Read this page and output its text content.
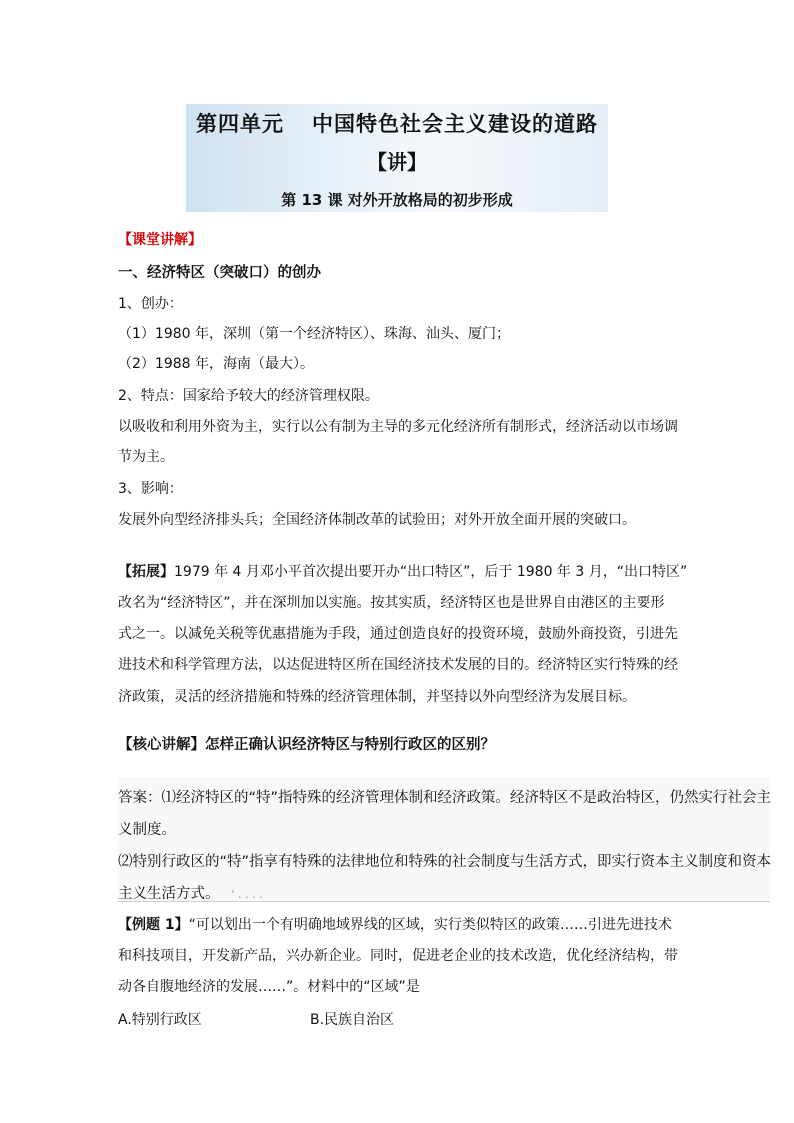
第四单元 中国特色社会主义建设的道路
【讲】
第 13 课 对外开放格局的初步形成
【课堂讲解】
一、经济特区（突破口）的创办
1、创办：
（1）1980 年，深圳（第一个经济特区）、珠海、汕头、厦门；
（2）1988 年，海南（最大）。
2、特点：国家给予较大的经济管理权限。
以吸收和利用外资为主，实行以公有制为主导的多元化经济所有制形式，经济活动以市场调
节为主。
3、影响：
发展外向型经济排头兵；全国经济体制改革的试验田；对外开放全面开展的突破口。
【拓展】1979 年 4 月邓小平首次提出要开办“出口特区”，后于 1980 年 3 月，“出口特区”
改名为“经济特区”，并在深圳加以实施。按其实质，经济特区也是世界自由港区的主要形
式之一。以减免关税等优惠措施为手段，通过创造良好的投资环境，鼓励外商投资，引进先
进技术和科学管理方法，以达促进特区所在国经济技术发展的目的。经济特区实行特殊的经
济政策，灵活的经济措施和特殊的经济管理体制，并坚持以外向型经济为发展目标。
【核心讲解】怎样正确认识经济特区与特别行政区的区别？
答案：⑴经济特区的“特”指特殊的经济管理体制和经济政策。经济特区不是政治特区，仍然实行社会主
义制度。
⑵特别行政区的“特”指享有特殊的法律地位和特殊的社会制度与生活方式，即实行资本主义制度和资本
主义生活方式。 ' . . . .
【例题 1】“可以划出一个有明确地域界线的区域，实行类似特区的政策……引进先进技术
和科技项目，开发新产品，兴办新企业。同时，促进老企业的技术改造，优化经济结构，带
动各自腹地经济的发展……”。材料中的“区域”是
A.特别行政区	B.民族自治区
